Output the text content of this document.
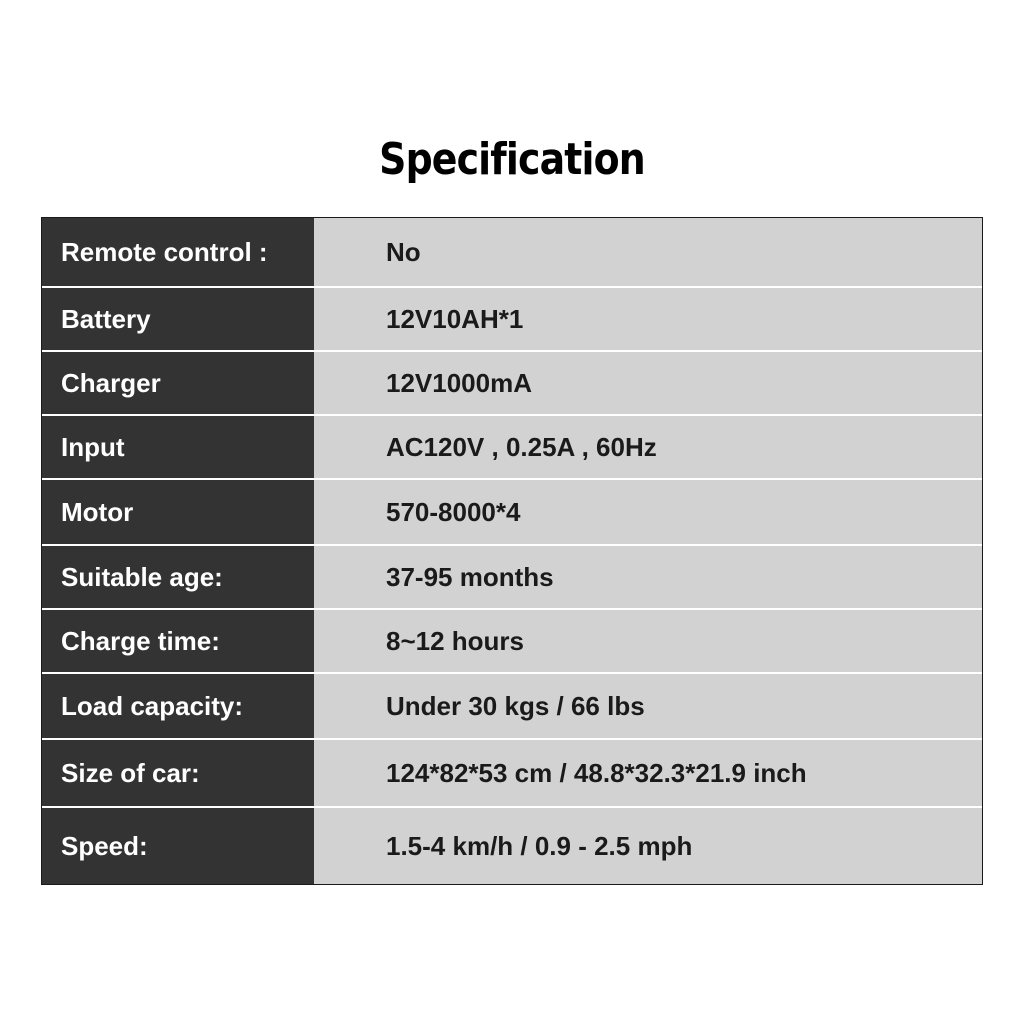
Specification
Remote control :	No
Battery	12V10AH*1
Charger	12V1000mA
Input	AC120V , 0.25A , 60Hz
Motor	570-8000*4
Suitable age:	37-95 months
Charge time:	8~12 hours
Load capacity:	Under 30 kgs / 66 lbs
Size of car:	124*82*53 cm / 48.8*32.3*21.9 inch
Speed:	1.5-4 km/h / 0.9 - 2.5 mph
